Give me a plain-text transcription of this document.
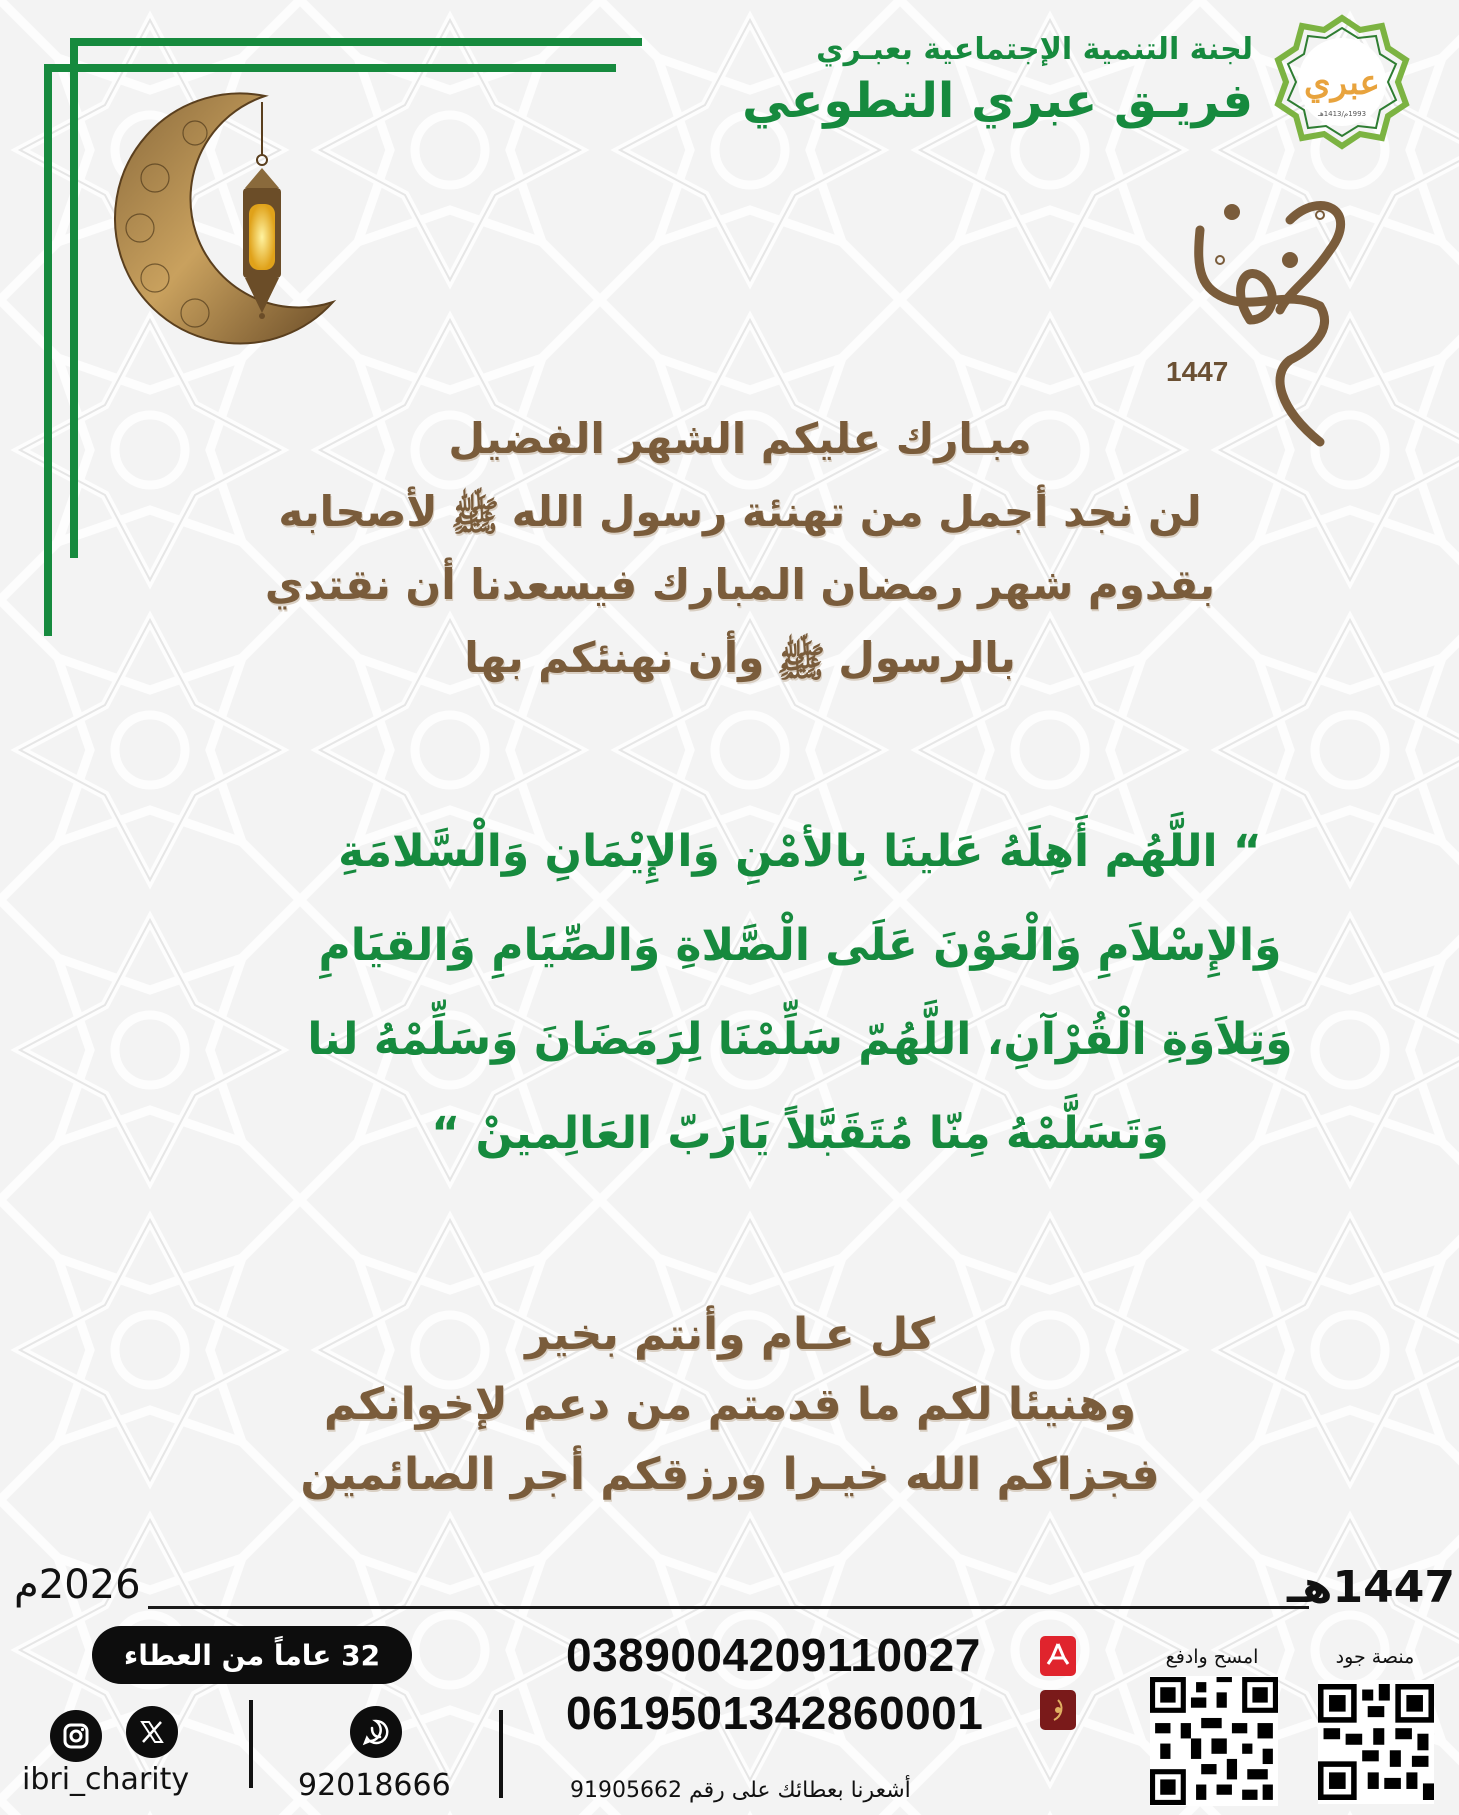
لجنة التنمية الإجتماعية بعبـري
فريـق عبري التطوعي عبري
1993م/1413هـ
رمضان
1447
مبـارك عليكم الشهر الفضيل
لن نجد أجمل من تهنئة رسول الله
ﷺ
لأصحابه
بقدوم شهر رمضان المبارك فيسعدنا أن نقتدي
بالرسول
ﷺ
وأن نهنئكم بها
“ اللَّهُم أَهِلَهُ عَلينَا بِالأمْنِ وَالإِيْمَانِ وَالْسَّلامَةِ
وَالإِسْلاَمِ وَالْعَوْنَ عَلَى الْصَّلاةِ وَالصِّيَامِ وَالقيَامِ
وَتِلاَوَةِ الْقُرْآنِ، اللَّهُمّ سَلِّمْنَا لِرَمَضَانَ وَسَلِّمْهُ لنا
وَتَسَلَّمْهُ مِنّا مُتَقَبَّلاً يَارَبّ العَالِمينْ “
كل عـام وأنتم بخير
وهنيئا لكم ما قدمتم من دعم لإخوانكم
فجزاكم الله خيـرا ورزقكم أجر الصائمين
2026م	1447هـ
32 عاماً من العطاء
ibri_charity	92018666
0389004209110027
0619501342860001
أشعرنا بعطائك على رقم 91905662
امسح وادفع	منصة جود
